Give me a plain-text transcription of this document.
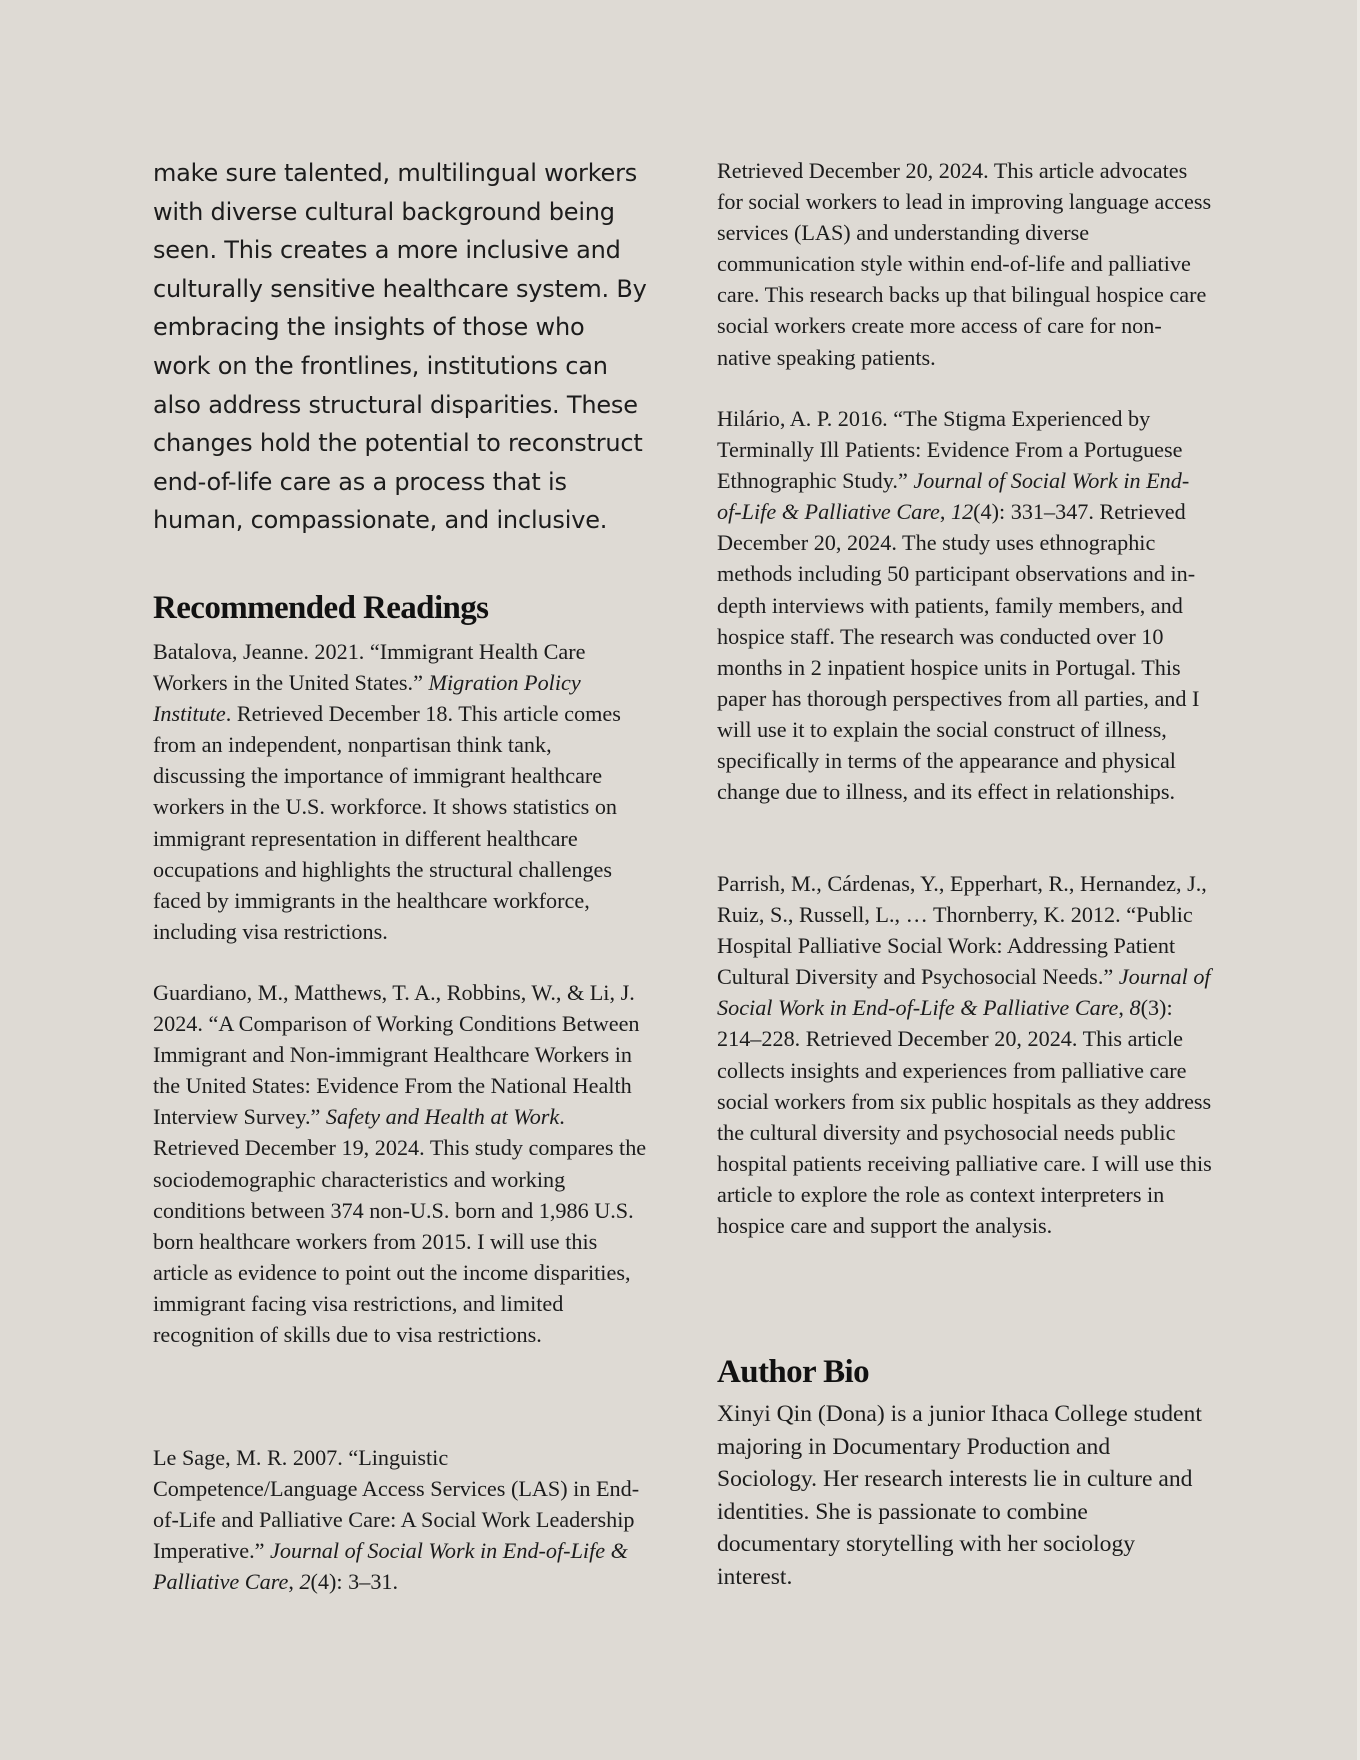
make sure talented, multilingual workers with diverse cultural background being seen. This creates a more inclusive and culturally sensitive healthcare system. By embracing the insights of those who work on the frontlines, institutions can also address structural disparities. These changes hold the potential to reconstruct end-of-life care as a process that is human, compassionate, and inclusive.

Recommended Readings

Batalova, Jeanne. 2021. “Immigrant Health Care Workers in the United States.” Migration Policy Institute. Retrieved December 18. This article comes from an independent, nonpartisan think tank, discussing the importance of immigrant healthcare workers in the U.S. workforce. It shows statistics on immigrant representation in different healthcare occupations and highlights the structural challenges faced by immigrants in the healthcare workforce, including visa restrictions.

Guardiano, M., Matthews, T. A., Robbins, W., & Li, J. 2024. “A Comparison of Working Conditions Between Immigrant and Non-immigrant Healthcare Workers in the United States: Evidence From the National Health Interview Survey.” Safety and Health at Work. Retrieved December 19, 2024. This study compares the sociodemographic characteristics and working conditions between 374 non-U.S. born and 1,986 U.S. born healthcare workers from 2015. I will use this article as evidence to point out the income disparities, immigrant facing visa restrictions, and limited recognition of skills due to visa restrictions.

Le Sage, M. R. 2007. “Linguistic Competence/Language Access Services (LAS) in End-of-Life and Palliative Care: A Social Work Leadership Imperative.” Journal of Social Work in End-of-Life & Palliative Care, 2(4): 3–31.

Retrieved December 20, 2024. This article advocates for social workers to lead in improving language access services (LAS) and understanding diverse communication style within end-of-life and palliative care. This research backs up that bilingual hospice care social workers create more access of care for non-native speaking patients.

Hilário, A. P. 2016. “The Stigma Experienced by Terminally Ill Patients: Evidence From a Portuguese Ethnographic Study.” Journal of Social Work in End-of-Life & Palliative Care, 12(4): 331–347. Retrieved December 20, 2024. The study uses ethnographic methods including 50 participant observations and in-depth interviews with patients, family members, and hospice staff. The research was conducted over 10 months in 2 inpatient hospice units in Portugal. This paper has thorough perspectives from all parties, and I will use it to explain the social construct of illness, specifically in terms of the appearance and physical change due to illness, and its effect in relationships.

Parrish, M., Cárdenas, Y., Epperhart, R., Hernandez, J., Ruiz, S., Russell, L., … Thornberry, K. 2012. “Public Hospital Palliative Social Work: Addressing Patient Cultural Diversity and Psychosocial Needs.” Journal of Social Work in End-of-Life & Palliative Care, 8(3): 214–228. Retrieved December 20, 2024. This article collects insights and experiences from palliative care social workers from six public hospitals as they address the cultural diversity and psychosocial needs public hospital patients receiving palliative care. I will use this article to explore the role as context interpreters in hospice care and support the analysis.

Author Bio

Xinyi Qin (Dona) is a junior Ithaca College student majoring in Documentary Production and Sociology. Her research interests lie in culture and identities. She is passionate to combine documentary storytelling with her sociology interest.
